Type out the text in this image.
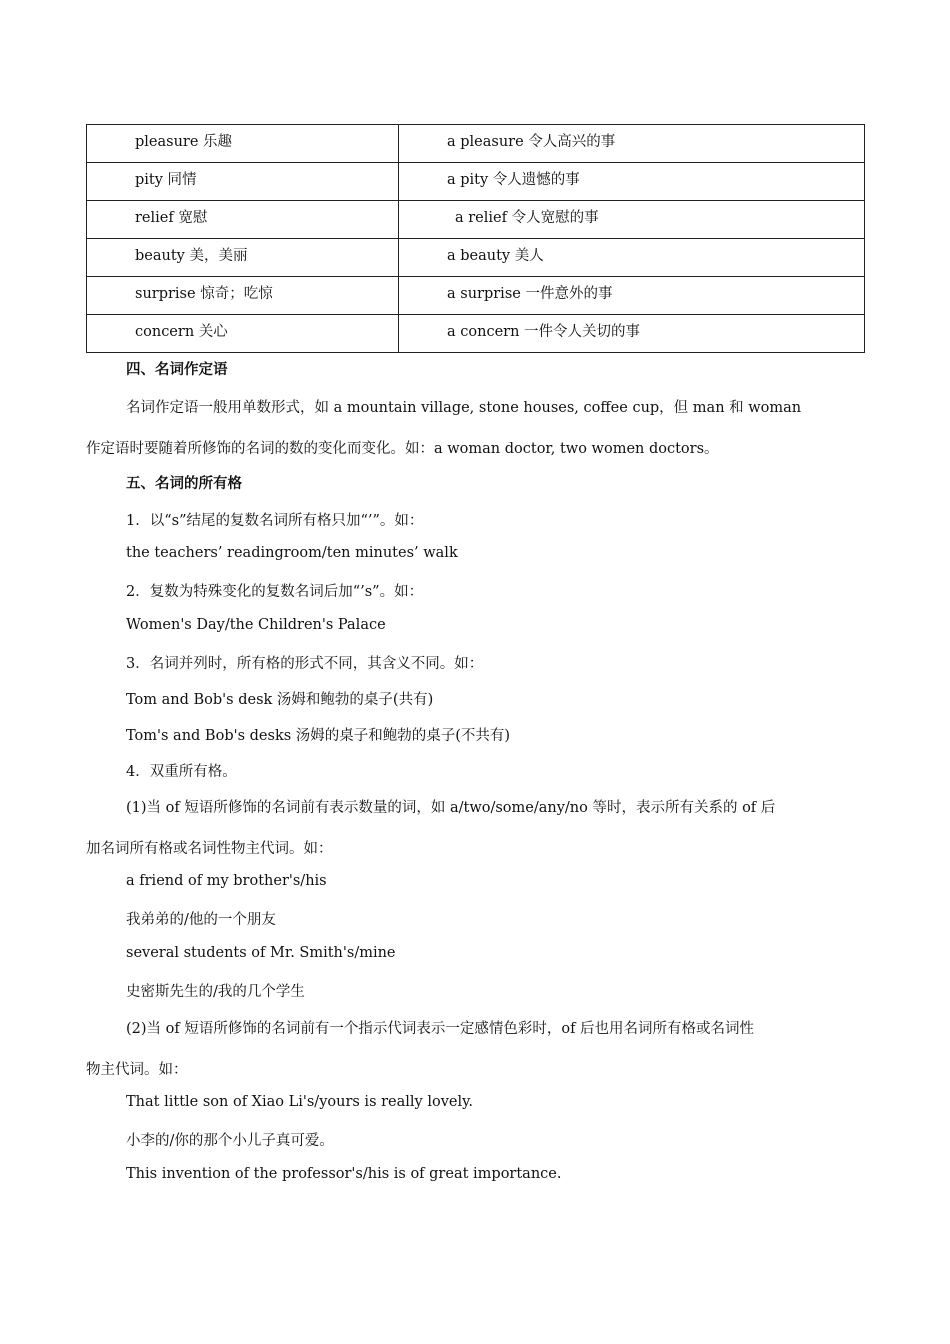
pleasure 乐趣	a pleasure 令人高兴的事
pity 同情	a pity 令人遗憾的事
relief 宽慰	a relief 令人宽慰的事
beauty 美，美丽	a beauty 美人
surprise 惊奇；吃惊	a surprise 一件意外的事
concern 关心	a concern 一件令人关切的事
四、名词作定语
名词作定语一般用单数形式，如 a mountain village, stone houses, coffee cup，但 man 和 woman
作定语时要随着所修饰的名词的数的变化而变化。如：a woman doctor, two women doctors。
五、名词的所有格
1．以“s”结尾的复数名词所有格只加“’”。如：
the teachers’ readingroom/ten minutes’ walk
2．复数为特殊变化的复数名词后加“’s”。如：
Women's Day/the Children's Palace
3．名词并列时，所有格的形式不同，其含义不同。如：
Tom and Bob's desk 汤姆和鲍勃的桌子(共有)
Tom's and Bob's desks 汤姆的桌子和鲍勃的桌子(不共有)
4．双重所有格。
(1)当 of 短语所修饰的名词前有表示数量的词，如 a/two/some/any/no 等时，表示所有关系的 of 后
加名词所有格或名词性物主代词。如：
a friend of my brother's/his
我弟弟的/他的一个朋友
several students of Mr. Smith's/mine
史密斯先生的/我的几个学生
(2)当 of 短语所修饰的名词前有一个指示代词表示一定感情色彩时，of 后也用名词所有格或名词性
物主代词。如：
That little son of Xiao Li's/yours is really lovely.
小李的/你的那个小儿子真可爱。
This invention of the professor's/his is of great importance.
